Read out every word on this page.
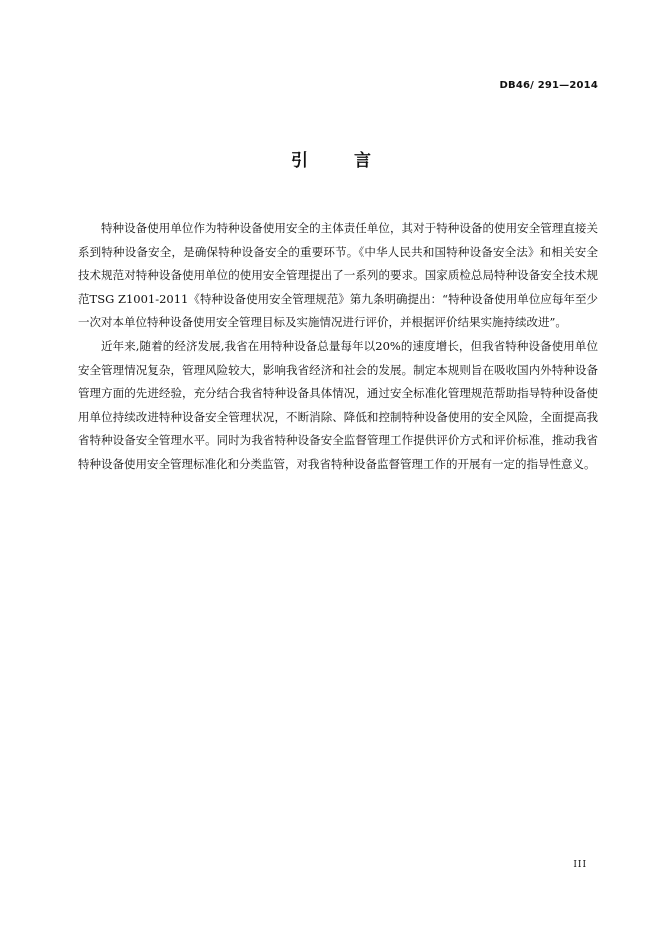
DB46/ 291—2014
引 言

特种设备使用单位作为特种设备使用安全的主体责任单位，其对于特种设备的使用安全管理直接关系到特种设备安全，是确保特种设备安全的重要环节。《中华人民共和国特种设备安全法》和相关安全技术规范对特种设备使用单位的使用安全管理提出了一系列的要求。国家质检总局特种设备安全技术规范TSG Z1001-2011《特种设备使用安全管理规范》第九条明确提出：“特种设备使用单位应每年至少一次对本单位特种设备使用安全管理目标及实施情况进行评价，并根据评价结果实施持续改进”。

近年来,随着的经济发展,我省在用特种设备总量每年以20%的速度增长，但我省特种设备使用单位安全管理情况复杂，管理风险较大，影响我省经济和社会的发展。制定本规则旨在吸收国内外特种设备管理方面的先进经验，充分结合我省特种设备具体情况，通过安全标准化管理规范帮助指导特种设备使用单位持续改进特种设备安全管理状况，不断消除、降低和控制特种设备使用的安全风险，全面提高我省特种设备安全管理水平。同时为我省特种设备安全监督管理工作提供评价方式和评价标准，推动我省特种设备使用安全管理标准化和分类监管，对我省特种设备监督管理工作的开展有一定的指导性意义。

III
